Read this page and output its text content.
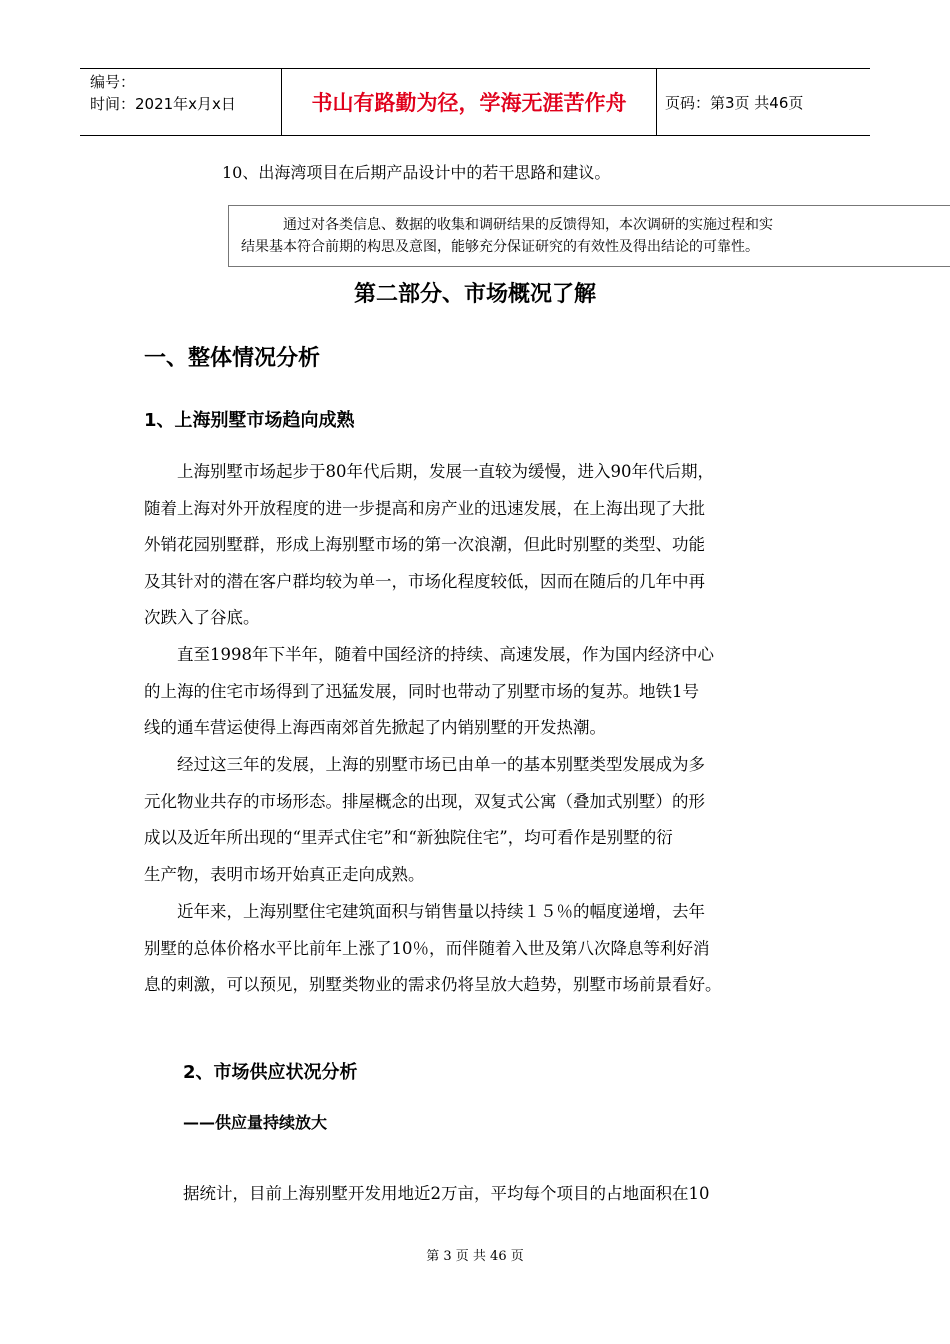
编号：
时间：2021年x月x日	书山有路勤为径，学海无涯苦作舟	页码：第3页 共46页
10、出海湾项目在后期产品设计中的若干思路和建议。
通过对各类信息、数据的收集和调研结果的反馈得知，本次调研的实施过程和实
结果基本符合前期的构思及意图，能够充分保证研究的有效性及得出结论的可靠性。
第二部分、市场概况了解
一、整体情况分析
1、上海别墅市场趋向成熟

　　上海别墅市场起步于80年代后期，发展一直较为缓慢，进入90年代后期，
随着上海对外开放程度的进一步提高和房产业的迅速发展，在上海出现了大批
外销花园别墅群，形成上海别墅市场的第一次浪潮，但此时别墅的类型、功能
及其针对的潜在客户群均较为单一，市场化程度较低，因而在随后的几年中再
次跌入了谷底。

　　直至1998年下半年，随着中国经济的持续、高速发展，作为国内经济中心
的上海的住宅市场得到了迅猛发展，同时也带动了别墅市场的复苏。地铁1号
线的通车营运使得上海西南郊首先掀起了内销别墅的开发热潮。

　　经过这三年的发展，上海的别墅市场已由单一的基本别墅类型发展成为多
元化物业共存的市场形态。排屋概念的出现，双复式公寓（叠加式别墅）的形
成以及近年所出现的“里弄式住宅”和“新独院住宅”，均可看作是别墅的衍
生产物，表明市场开始真正走向成熟。

　　近年来，上海别墅住宅建筑面积与销售量以持续１５％的幅度递增，去年
别墅的总体价格水平比前年上涨了10％，而伴随着入世及第八次降息等利好消
息的刺激，可以预见，别墅类物业的需求仍将呈放大趋势，别墅市场前景看好。

2、市场供应状况分析
——供应量持续放大
据统计，目前上海别墅开发用地近2万亩，平均每个项目的占地面积在10
第 3 页 共 46 页
